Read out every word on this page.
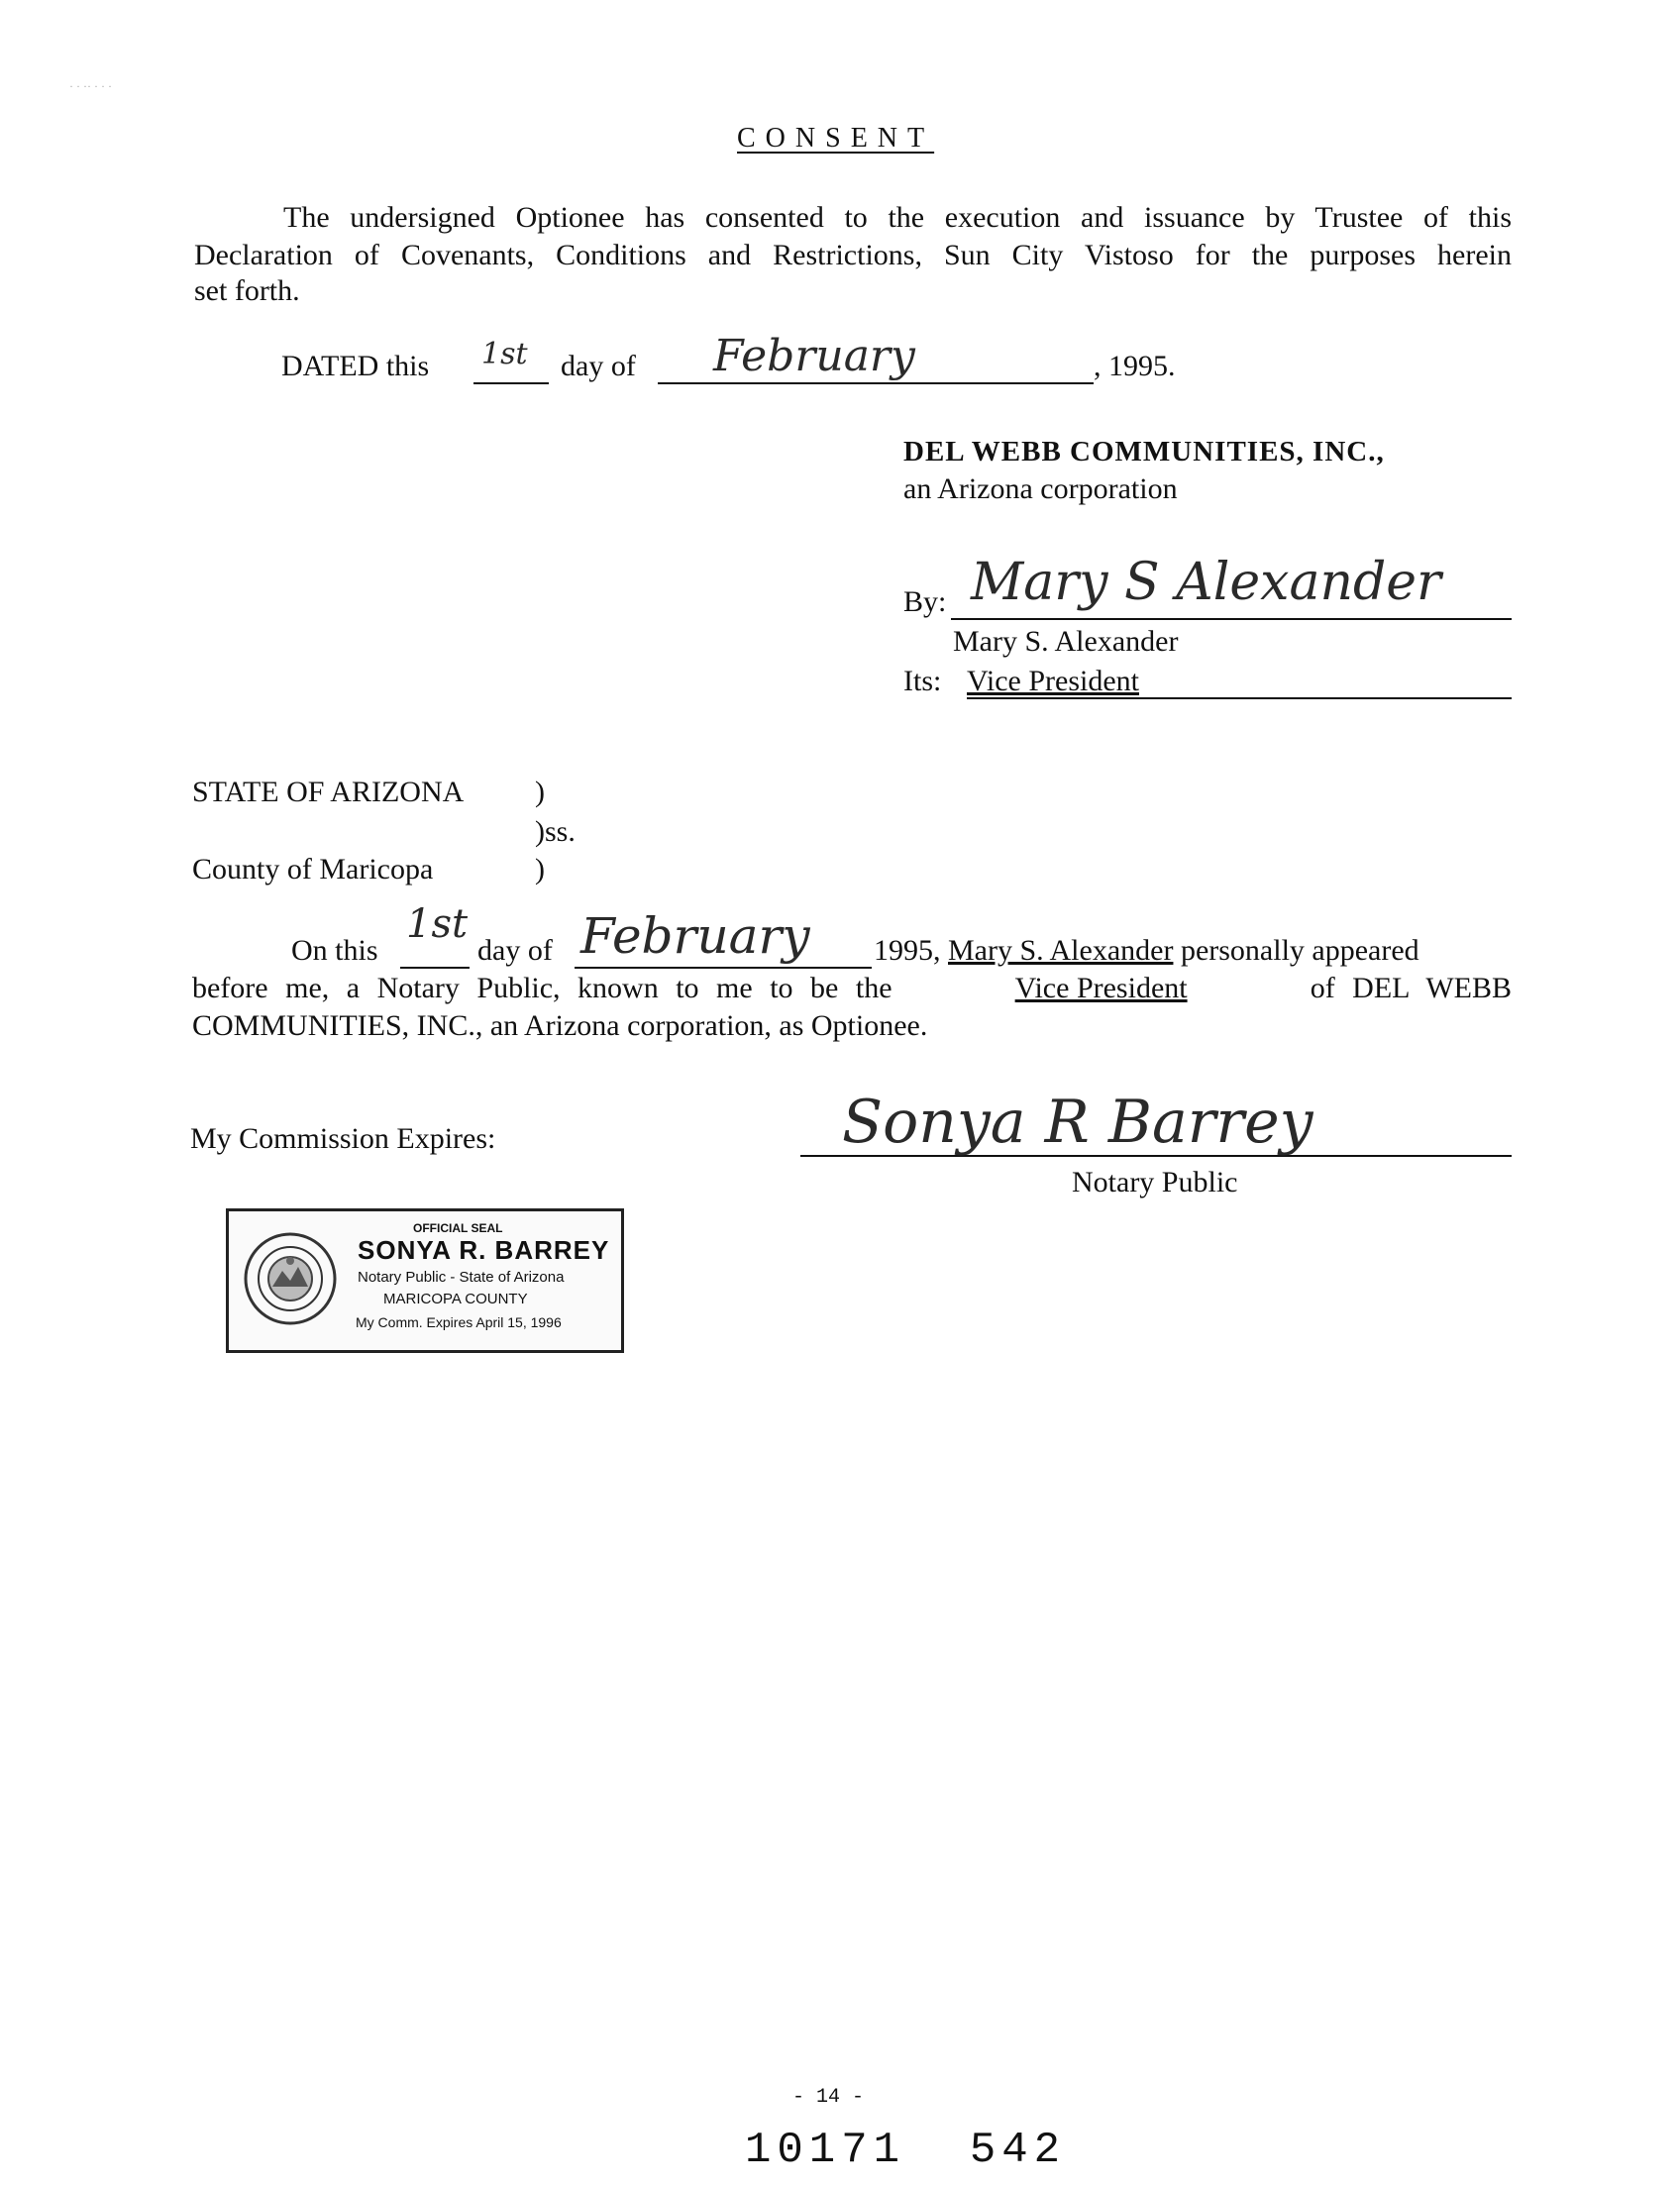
· · ·· · · ·
CONSENT
The undersigned Optionee has consented to the execution and issuance by Trustee of this
Declaration of Covenants, Conditions and Restrictions, Sun City Vistoso for the purposes herein
set forth.
DATED this 1st day of February	, 1995.
DEL WEBB COMMUNITIES, INC.,
an Arizona corporation
By: Mary S Alexander
Mary S. Alexander
Its: Vice President
STATE OF ARIZONA )
)ss.
County of Maricopa	)
On this
1st
day of February 1995, Mary S. Alexander personally appeared
before me, a Notary Public, known to me to be the	Vice President	of DEL WEBB
COMMUNITIES, INC., an Arizona corporation, as Optionee.
My Commission Expires:	Sonya R Barrey
Notary Public
OFFICIAL SEAL
SONYA R. BARREY
Notary Public - State of Arizona
MARICOPA COUNTY
My Comm. Expires April 15, 1996
- 14 -
10171  542
